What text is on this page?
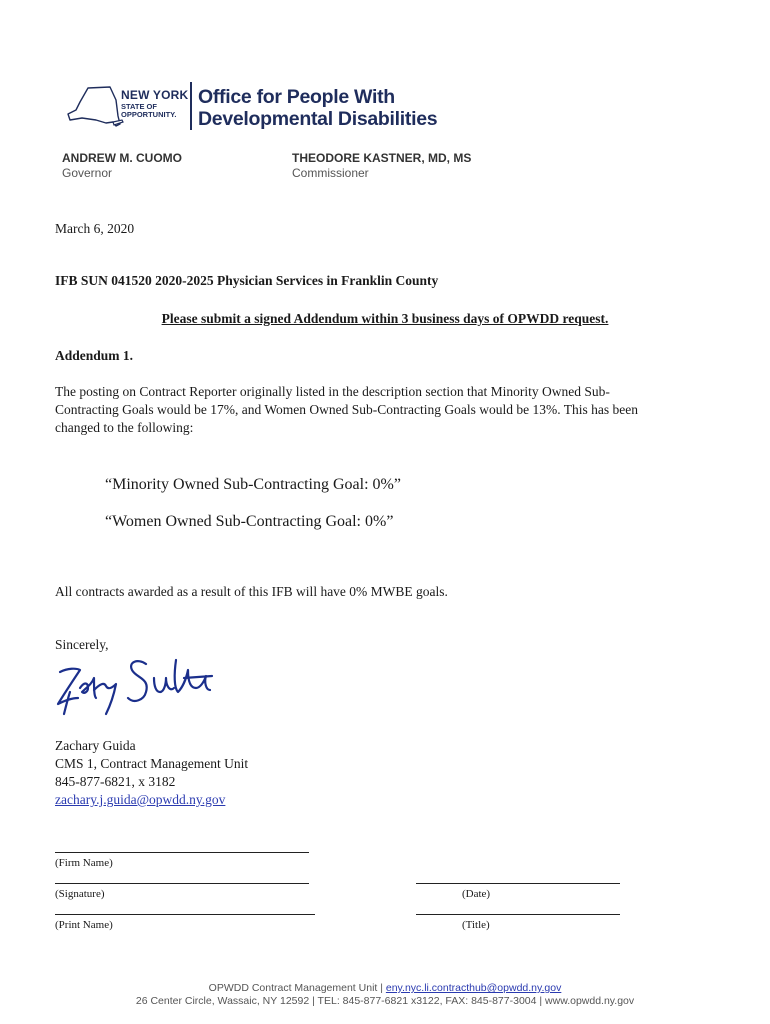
NEW YORK
STATE OF
OPPORTUNITY.
Office for People With
Developmental Disabilities
ANDREW M. CUOMO
Governor
THEODORE KASTNER, MD, MS
Commissioner
March 6, 2020
IFB SUN 041520 2020-2025 Physician Services in Franklin County
Please submit a signed Addendum within 3 business days of OPWDD request.
Addendum 1.
The posting on Contract Reporter originally listed in the description section that Minority Owned Sub-
Contracting Goals would be 17%, and Women Owned Sub-Contracting Goals would be 13%. This has been
changed to the following:
“Minority Owned Sub-Contracting Goal: 0%”
“Women Owned Sub-Contracting Goal: 0%”
All contracts awarded as a result of this IFB will have 0% MWBE goals.
Sincerely,
Zachary Guida
CMS 1, Contract Management Unit
845-877-6821, x 3182
zachary.j.guida@opwdd.ny.gov
(Firm Name)
(Signature)	(Date)
(Print Name)	(Title)
OPWDD Contract Management Unit | eny.nyc.li.contracthub@opwdd.ny.gov
26 Center Circle, Wassaic, NY 12592 | TEL: 845-877-6821 x3122, FAX: 845-877-3004 | www.opwdd.ny.gov
